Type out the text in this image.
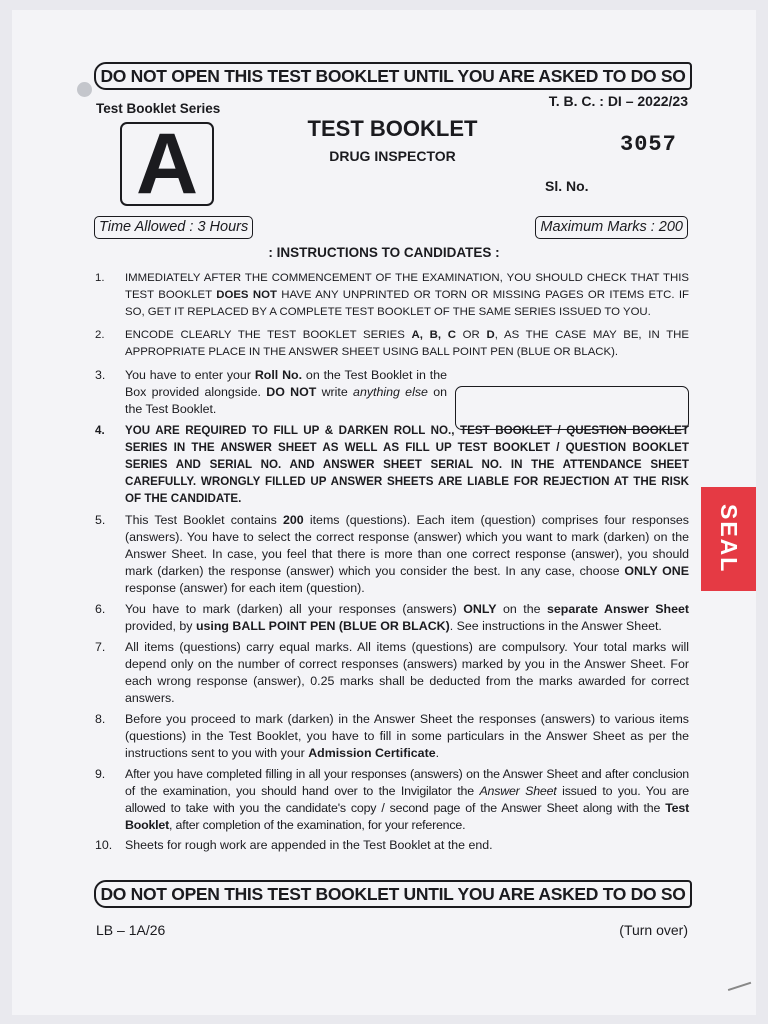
DO NOT OPEN THIS TEST BOOKLET UNTIL YOU ARE ASKED TO DO SO
Test Booklet Series
A	TEST BOOKLET
DRUG INSPECTOR
T. B. C. : DI – 2022/23
3057
Sl. No.
Time Allowed : 3 Hours	Maximum Marks : 200
: INSTRUCTIONS TO CANDIDATES :
1. IMMEDIATELY AFTER THE COMMENCEMENT OF THE EXAMINATION, YOU SHOULD CHECK THAT THIS TEST BOOKLET DOES NOT HAVE ANY UNPRINTED OR TORN OR MISSING PAGES OR ITEMS ETC. IF SO, GET IT REPLACED BY A COMPLETE TEST BOOKLET OF THE SAME SERIES ISSUED TO YOU.
2. ENCODE CLEARLY THE TEST BOOKLET SERIES A, B, C OR D, AS THE CASE MAY BE, IN THE APPROPRIATE PLACE IN THE ANSWER SHEET USING BALL POINT PEN (BLUE OR BLACK).
3. You have to enter your Roll No. on the Test Booklet in the Box provided alongside. DO NOT write anything else on the Test Booklet.
4. YOU ARE REQUIRED TO FILL UP & DARKEN ROLL NO., TEST BOOKLET / QUESTION BOOKLET SERIES IN THE ANSWER SHEET AS WELL AS FILL UP TEST BOOKLET / QUESTION BOOKLET SERIES AND SERIAL NO. AND ANSWER SHEET SERIAL NO. IN THE ATTENDANCE SHEET CAREFULLY. WRONGLY FILLED UP ANSWER SHEETS ARE LIABLE FOR REJECTION AT THE RISK OF THE CANDIDATE.
5. This Test Booklet contains 200 items (questions). Each item (question) comprises four responses (answers). You have to select the correct response (answer) which you want to mark (darken) on the Answer Sheet. In case, you feel that there is more than one correct response (answer), you should mark (darken) the response (answer) which you consider the best. In any case, choose ONLY ONE response (answer) for each item (question).
6. You have to mark (darken) all your responses (answers) ONLY on the separate Answer Sheet provided, by using BALL POINT PEN (BLUE OR BLACK). See instructions in the Answer Sheet.
7. All items (questions) carry equal marks. All items (questions) are compulsory. Your total marks will depend only on the number of correct responses (answers) marked by you in the Answer Sheet. For each wrong response (answer), 0.25 marks shall be deducted from the marks awarded for correct answers.
8. Before you proceed to mark (darken) in the Answer Sheet the responses (answers) to various items (questions) in the Test Booklet, you have to fill in some particulars in the Answer Sheet as per the instructions sent to you with your Admission Certificate.
9. After you have completed filling in all your responses (answers) on the Answer Sheet and after conclusion of the examination, you should hand over to the Invigilator the Answer Sheet issued to you. You are allowed to take with you the candidate's copy / second page of the Answer Sheet along with the Test Booklet, after completion of the examination, for your reference.
10. Sheets for rough work are appended in the Test Booklet at the end.
DO NOT OPEN THIS TEST BOOKLET UNTIL YOU ARE ASKED TO DO SO
LB – 1A/26	(Turn over)
SEAL
